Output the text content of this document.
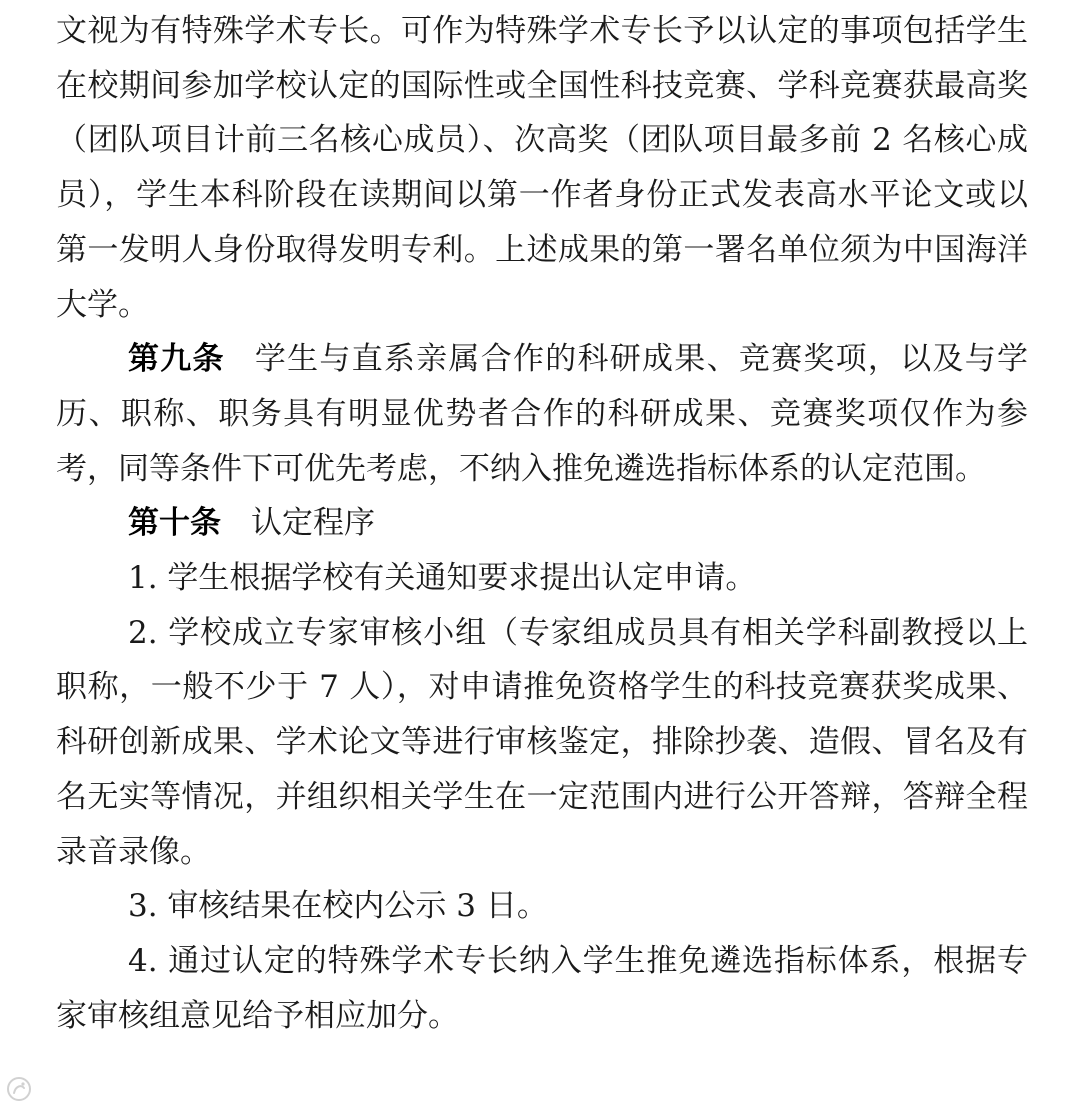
文视为有特殊学术专长。可作为特殊学术专长予以认定的事项包括学生在校期间参加学校认定的国际性或全国性科技竞赛、学科竞赛获最高奖（团队项目计前三名核心成员）、次高奖（团队项目最多前 2 名核心成员），学生本科阶段在读期间以第一作者身份正式发表高水平论文或以第一发明人身份取得发明专利。上述成果的第一署名单位须为中国海洋大学。

第九条 学生与直系亲属合作的科研成果、竞赛奖项，以及与学历、职称、职务具有明显优势者合作的科研成果、竞赛奖项仅作为参考，同等条件下可优先考虑，不纳入推免遴选指标体系的认定范围。

第十条 认定程序

1. 学生根据学校有关通知要求提出认定申请。

2. 学校成立专家审核小组（专家组成员具有相关学科副教授以上职称，一般不少于 7 人），对申请推免资格学生的科技竞赛获奖成果、科研创新成果、学术论文等进行审核鉴定，排除抄袭、造假、冒名及有名无实等情况，并组织相关学生在一定范围内进行公开答辩，答辩全程录音录像。

3. 审核结果在校内公示 3 日。

4. 通过认定的特殊学术专长纳入学生推免遴选指标体系，根据专家审核组意见给予相应加分。
